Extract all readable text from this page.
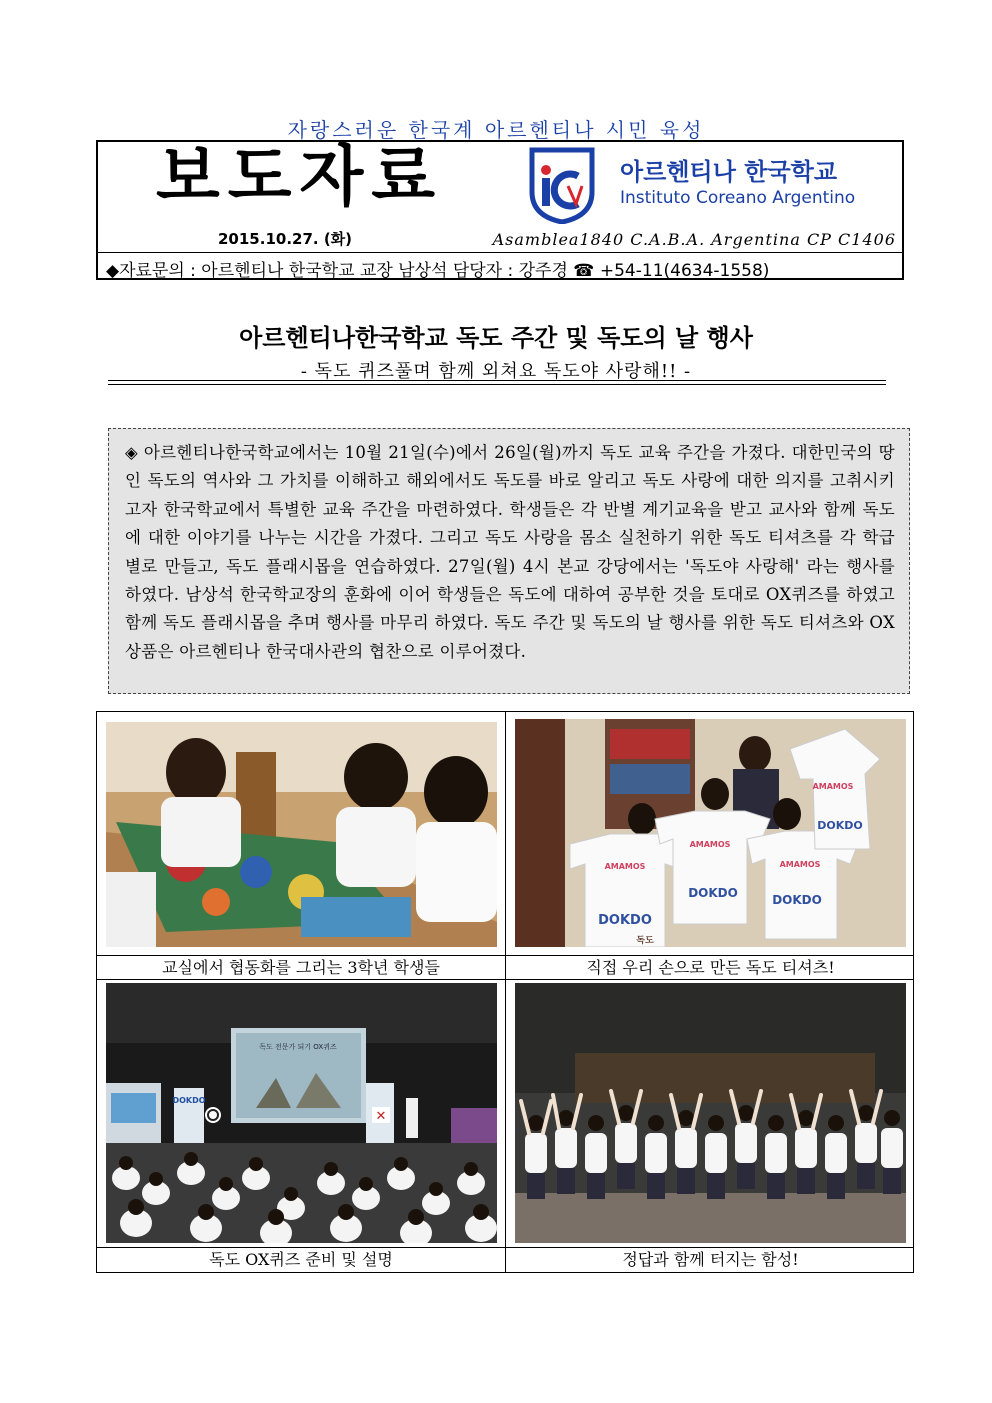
자랑스러운 한국계 아르헨티나 시민 육성
보도자료	아르헨티나 한국학교
Instituto Coreano Argentino
2015.10.27. (화)	Asamblea1840 C.A.B.A. Argentina CP C1406
◆자료문의 : 아르헨티나 한국학교 교장 남상석 담당자 : 강주경 ☎ +54-11(4634-1558)
아르헨티나한국학교 독도 주간 및 독도의 날 행사
- 독도 퀴즈풀며 함께 외쳐요 독도야 사랑해!! -

◈ 아르헨티나한국학교에서는 10월 21일(수)에서 26일(월)까지 독도 교육 주간을 가졌다. 대한민국의 땅인 독도의 역사와 그 가치를 이해하고 해외에서도 독도를 바로 알리고 독도 사랑에 대한 의지를 고취시키고자 한국학교에서 특별한 교육 주간을 마련하였다. 학생들은 각 반별 계기교육을 받고 교사와 함께 독도에 대한 이야기를 나누는 시간을 가졌다. 그리고 독도 사랑을 몸소 실천하기 위한 독도 티셔츠를 각 학급별로 만들고, 독도 플래시몹을 연습하였다. 27일(월) 4시 본교 강당에서는 '독도야 사랑해' 라는 행사를 하였다. 남상석 한국학교장의 훈화에 이어 학생들은 독도에 대하여 공부한 것을 토대로 OX퀴즈를 하였고 함께 독도 플래시몹을 추며 행사를 마무리 하였다. 독도 주간 및 독도의 날 행사를 위한 독도 티셔츠와 OX상품은 아르헨티나 한국대사관의 협찬으로 이루어졌다.

교실에서 협동화를 그리는 3학년 학생들
AMAMOS
DOKDO
AMAMOS
DOKDO
AMAMOS
DOKDO
AMAMOS
DOKDO
독도
직접 우리 손으로 만든 독도 티셔츠!
독도 전문가 되기 OX퀴즈
DOKDO
✕
독도 OX퀴즈 준비 및 설명	정답과 함께 터지는 함성!
